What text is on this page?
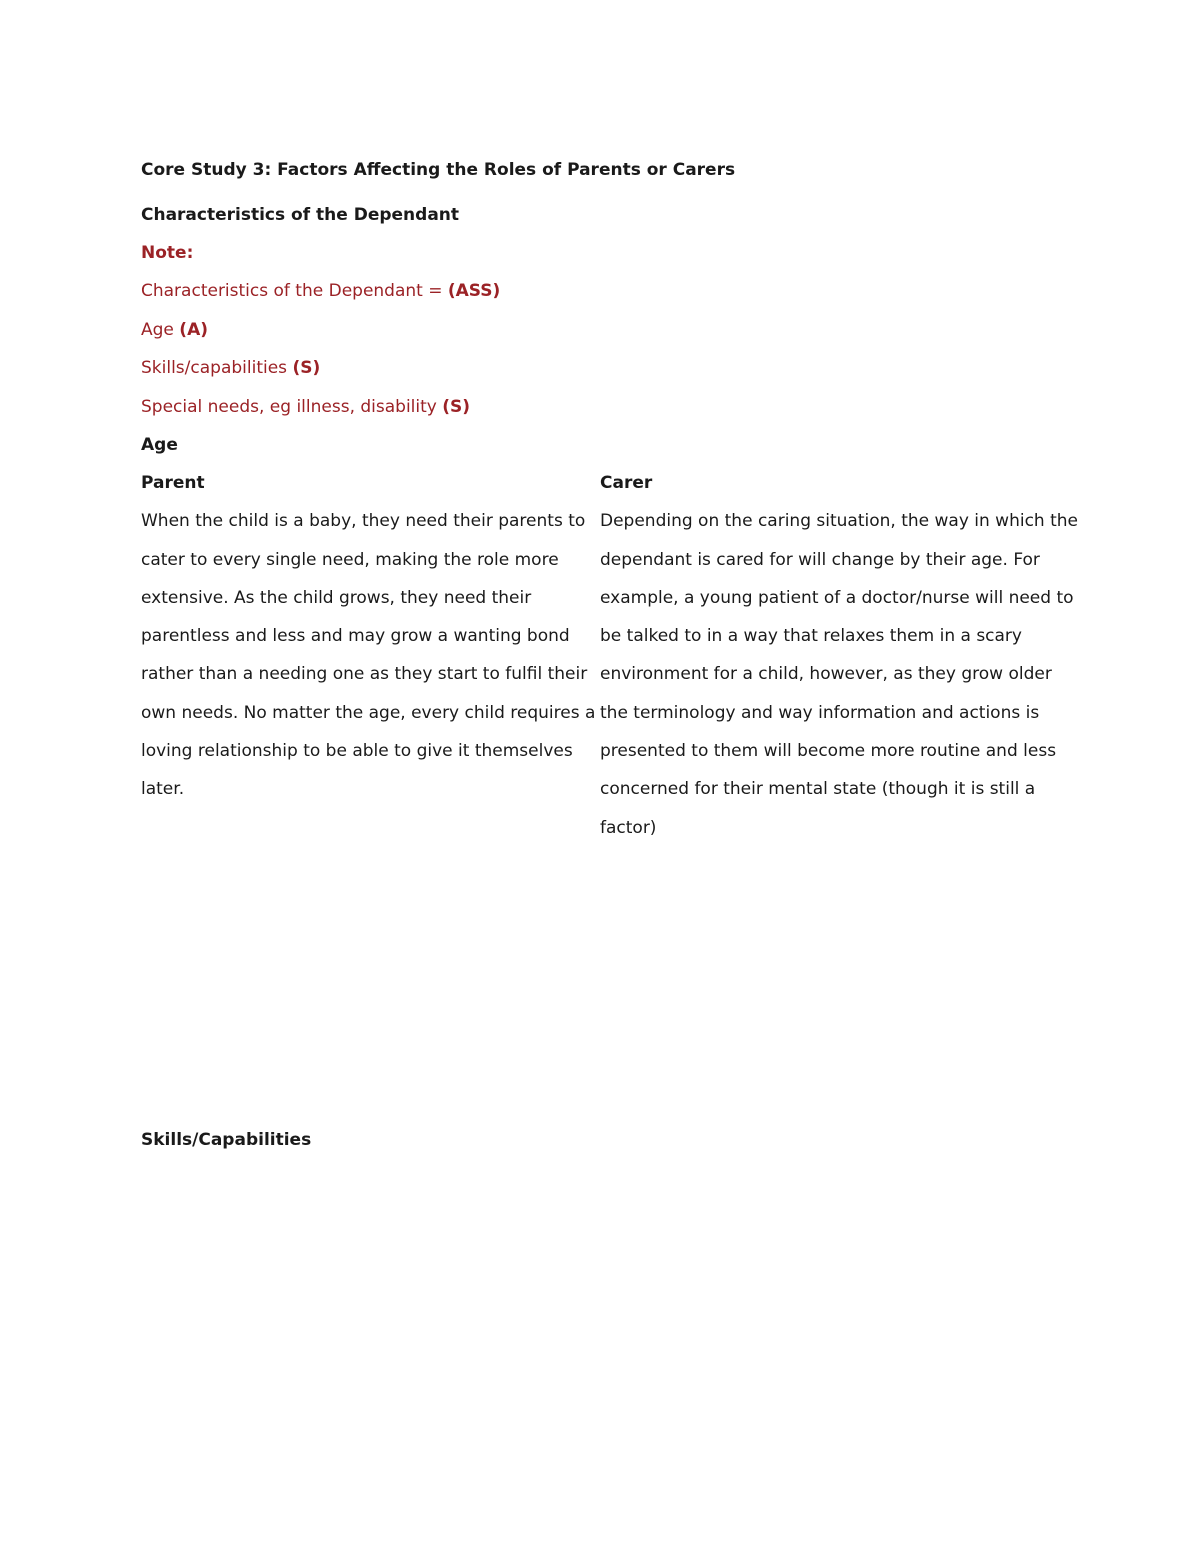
Core Study 3: Factors Affecting the Roles of Parents or Carers

Characteristics of the Dependant

Note:

Characteristics of the Dependant = (ASS)

Age (A)

Skills/capabilities (S)

Special needs, eg illness, disability (S)

Age

Parent

When the child is a baby, they need their parents to
cater to every single need, making the role more
extensive. As the child grows, they need their
parentless and less and may grow a wanting bond
rather than a needing one as they start to fulfil their
own needs. No matter the age, every child requires a
loving relationship to be able to give it themselves
later.

Carer

Depending on the caring situation, the way in which the
dependant is cared for will change by their age. For
example, a young patient of a doctor/nurse will need to
be talked to in a way that relaxes them in a scary
environment for a child, however, as they grow older
the terminology and way information and actions is
presented to them will become more routine and less
concerned for their mental state (though it is still a
factor)

Skills/Capabilities
